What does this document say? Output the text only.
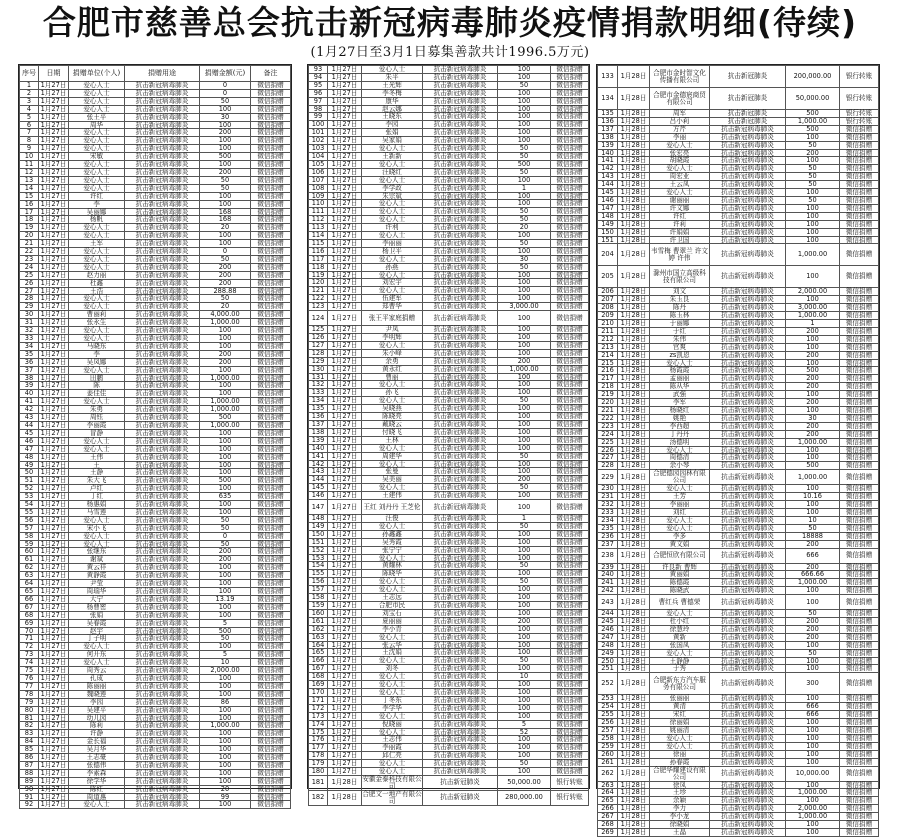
合肥市慈善总会抗击新冠病毒肺炎疫情捐款明细(待续)
(1月27日至3月1日募集善款共计1996.5万元)
序号	日期	捐赠单位(个人)	捐赠用途	捐赠金额(元)	备注
1	1月27日	爱心人士	抗击新冠病毒肺炎	0	微信捐赠
2	1月27日	爱心人士	抗击新冠病毒肺炎	0	微信捐赠
3	1月27日	爱心人士	抗击新冠病毒肺炎	50	微信捐赠
4	1月27日	爱心人士	抗击新冠病毒肺炎	100	微信捐赠
5	1月27日	张王平	抗击新冠病毒肺炎	30	微信捐赠
6	1月27日	周华	抗击新冠病毒肺炎	100	微信捐赠
7	1月27日	爱心人士	抗击新冠病毒肺炎	200	微信捐赠
8	1月27日	爱心人士	抗击新冠病毒肺炎	100	微信捐赠
9	1月27日	爱心人士	抗击新冠病毒肺炎	100	微信捐赠
10	1月27日	宋敏	抗击新冠病毒肺炎	500	微信捐赠
11	1月27日	爱心人士	抗击新冠病毒肺炎	100	微信捐赠
12	1月27日	爱心人士	抗击新冠病毒肺炎	200	微信捐赠
13	1月27日	爱心人士	抗击新冠病毒肺炎	50	微信捐赠
14	1月27日	爱心人士	抗击新冠病毒肺炎	50	微信捐赠
15	1月27日	许红	抗击新冠病毒肺炎	100	微信捐赠
16	1月27日	李	抗击新冠病毒肺炎	100	微信捐赠
17	1月27日	吴丽娜	抗击新冠病毒肺炎	168	微信捐赠
18	1月27日	杨帆	抗击新冠病毒肺炎	168	微信捐赠
19	1月27日	爱心人士	抗击新冠病毒肺炎	20	微信捐赠
20	1月27日	爱心人士	抗击新冠病毒肺炎	100	微信捐赠
21	1月27日	王军	抗击新冠病毒肺炎	100	微信捐赠
22	1月27日	爱心人士	抗击新冠病毒肺炎	0	微信捐赠
23	1月27日	爱心人士	抗击新冠病毒肺炎	50	微信捐赠
24	1月27日	爱心人士	抗击新冠病毒肺炎	200	微信捐赠
25	1月27日	赵力丽	抗击新冠病毒肺炎	200	微信捐赠
26	1月27日	杜鑫	抗击新冠病毒肺炎	200	微信捐赠
27	1月27日	王浩	抗击新冠病毒肺炎	288.88	微信捐赠
28	1月27日	爱心人士	抗击新冠病毒肺炎	50	微信捐赠
29	1月27日	爱心人士	抗击新冠病毒肺炎	20	微信捐赠
30	1月27日	曹丽莉	抗击新冠病毒肺炎	4,000.00	微信捐赠
31	1月27日	张永生	抗击新冠病毒肺炎	1,000.00	微信捐赠
32	1月27日	爱心人士	抗击新冠病毒肺炎	100	微信捐赠
33	1月27日	爱心人士	抗击新冠病毒肺炎	100	微信捐赠
34	1月27日	马晓东	抗击新冠病毒肺炎	100	微信捐赠
35	1月27日	李	抗击新冠病毒肺炎	200	微信捐赠
36	1月27日	吴凤娜	抗击新冠病毒肺炎	200	微信捐赠
37	1月27日	爱心人士	抗击新冠病毒肺炎	100	微信捐赠
38	1月27日	田鹏	抗击新冠病毒肺炎	1,000.00	微信捐赠
39	1月27日	陈	抗击新冠病毒肺炎	100	微信捐赠
40	1月27日	姜佳佳	抗击新冠病毒肺炎	100	微信捐赠
41	1月27日	爱心人士	抗击新冠病毒肺炎	1,000.00	微信捐赠
42	1月27日	朱勇	抗击新冠病毒肺炎	1,000.00	微信捐赠
43	1月27日	周钰	抗击新冠病毒肺炎	500	微信捐赠
44	1月27日	李丽霞	抗击新冠病毒肺炎	1,000.00	微信捐赠
45	1月27日	冒静	抗击新冠病毒肺炎	100	微信捐赠
46	1月27日	爱心人士	抗击新冠病毒肺炎	100	微信捐赠
47	1月27日	爱心人士	抗击新冠病毒肺炎	100	微信捐赠
48	1月27日	王伟	抗击新冠病毒肺炎	100	微信捐赠
49	1月27日	王	抗击新冠病毒肺炎	100	微信捐赠
50	1月27日	王静	抗击新冠病毒肺炎	100	微信捐赠
51	1月27日	朱大飞	抗击新冠病毒肺炎	500	微信捐赠
52	1月27日	卢红	抗击新冠病毒肺炎	100	微信捐赠
53	1月27日	丁红	抗击新冠病毒肺炎	635	微信捐赠
54	1月27日	杨惠娟	抗击新冠病毒肺炎	100	微信捐赠
55	1月27日	马雪莲	抗击新冠病毒肺炎	100	微信捐赠
56	1月27日	爱心人士	抗击新冠病毒肺炎	50	微信捐赠
57	1月27日	宋小飞	抗击新冠病毒肺炎	50	微信捐赠
58	1月27日	爱心人士	抗击新冠病毒肺炎	0	微信捐赠
59	1月27日	爱心人士	抗击新冠病毒肺炎	50	微信捐赠
60	1月27日	张继东	抗击新冠病毒肺炎	200	微信捐赠
61	1月27日	谢斌	抗击新冠病毒肺炎	200	微信捐赠
62	1月27日	黄云祥	抗击新冠病毒肺炎	100	微信捐赠
63	1月27日	黄静霞	抗击新冠病毒肺炎	100	微信捐赠
64	1月27日	尹莹	抗击新冠病毒肺炎	100	微信捐赠
65	1月27日	周瑞华	抗击新冠病毒肺炎	100	微信捐赠
66	1月27日	大宁	抗击新冠病毒肺炎	13.19	微信捐赠
67	1月27日	杨曹密	抗击新冠病毒肺炎	100	微信捐赠
68	1月27日	张娟	抗击新冠病毒肺炎	100	微信捐赠
69	1月27日	吴春霞	抗击新冠病毒肺炎	5	微信捐赠
70	1月27日	赵宇	抗击新冠病毒肺炎	500	微信捐赠
71	1月27日	丁子明	抗击新冠病毒肺炎	50	微信捐赠
72	1月27日	爱心人士	抗击新冠病毒肺炎	100	微信捐赠
73	1月27日	何开东	抗击新冠病毒肺炎	5	微信捐赠
74	1月27日	爱心人士	抗击新冠病毒肺炎	10	微信捐赠
75	1月27日	周秀云	抗击新冠病毒肺炎	2,000.00	微信捐赠
76	1月27日	孔成	抗击新冠病毒肺炎	100	微信捐赠
77	1月27日	陈丽丽	抗击新冠病毒肺炎	100	微信捐赠
78	1月27日	魏晓莲	抗击新冠病毒肺炎	100	微信捐赠
79	1月27日	李园	抗击新冠病毒肺炎	86	微信捐赠
80	1月27日	吴建平	抗击新冠病毒肺炎	100	微信捐赠
81	1月27日	幼儿园	抗击新冠病毒肺炎	100	微信捐赠
82	1月27日	陈莉	抗击新冠病毒肺炎	1,000.00	微信捐赠
83	1月27日	许静	抗击新冠病毒肺炎	100	微信捐赠
84	1月27日	金长福	抗击新冠病毒肺炎	100	微信捐赠
85	1月27日	吴月华	抗击新冠病毒肺炎	100	微信捐赠
86	1月27日	王志豪	抗击新冠病毒肺炎	100	微信捐赠
87	1月27日	张德伟	抗击新冠病毒肺炎	100	微信捐赠
88	1月27日	李素森	抗击新冠病毒肺炎	100	微信捐赠
89	1月27日	徐学华	抗击新冠病毒肺炎	100	微信捐赠
90	1月27日	陈红	抗击新冠病毒肺炎	20	微信捐赠
91	1月27日	周道惠	抗击新冠病毒肺炎	99	微信捐赠
92	1月27日	爱心人士	抗击新冠病毒肺炎	100	微信捐赠
93	1月27日	爱心人士	抗击新冠病毒肺炎	100	微信捐赠
94	1月27日	朱平	抗击新冠病毒肺炎	100	微信捐赠
95	1月27日	王光辉	抗击新冠病毒肺炎	50	微信捐赠
96	1月27日	李冬梅	抗击新冠病毒肺炎	100	微信捐赠
97	1月27日	康华	抗击新冠病毒肺炎	100	微信捐赠
98	1月27日	赵云娜	抗击新冠病毒肺炎	100	微信捐赠
99	1月27日	王晓东	抗击新冠病毒肺炎	100	微信捐赠
100	1月27日	李园	抗击新冠病毒肺炎	100	微信捐赠
101	1月27日	张娟	抗击新冠病毒肺炎	100	微信捐赠
102	1月27日	吴家娟	抗击新冠病毒肺炎	100	微信捐赠
103	1月27日	爱心人士	抗击新冠病毒肺炎	50	微信捐赠
104	1月27日	王新新	抗击新冠病毒肺炎	50	微信捐赠
105	1月27日	爱心人士	抗击新冠病毒肺炎	500	微信捐赠
106	1月27日	汪晓红	抗击新冠病毒肺炎	50	微信捐赠
107	1月27日	爱心人士	抗击新冠病毒肺炎	100	微信捐赠
108	1月27日	李学政	抗击新冠病毒肺炎	1	微信捐赠
109	1月27日	朱宗斌	抗击新冠病毒肺炎	100	微信捐赠
110	1月27日	爱心人士	抗击新冠病毒肺炎	100	微信捐赠
111	1月27日	爱心人士	抗击新冠病毒肺炎	50	微信捐赠
112	1月27日	爱心人士	抗击新冠病毒肺炎	50	微信捐赠
113	1月27日	许利	抗击新冠病毒肺炎	20	微信捐赠
114	1月27日	爱心人士	抗击新冠病毒肺炎	100	微信捐赠
115	1月27日	李丽丽	抗击新冠病毒肺炎	50	微信捐赠
116	1月27日	杨卫平	抗击新冠病毒肺炎	100	微信捐赠
117	1月27日	爱心人士	抗击新冠病毒肺炎	30	微信捐赠
118	1月27日	孙燕	抗击新冠病毒肺炎	50	微信捐赠
119	1月27日	爱心人士	抗击新冠病毒肺炎	100	微信捐赠
120	1月27日	刘宏宇	抗击新冠病毒肺炎	100	微信捐赠
121	1月27日	爱心人士	抗击新冠病毒肺炎	100	微信捐赠
122	1月27日	伍建军	抗击新冠病毒肺炎	100	微信捐赠
123	1月27日	郑曹华	抗击新冠病毒肺炎	3,000.00	微信捐赠
124	1月27日	张王平家庭捐赠	抗击新冠病毒肺炎	100	微信捐赠
125	1月27日	尹凤	抗击新冠病毒肺炎	100	微信捐赠
126	1月27日	李明辉	抗击新冠病毒肺炎	100	微信捐赠
127	1月27日	爱心人士	抗击新冠病毒肺炎	100	微信捐赠
128	1月27日	朱小峰	抗击新冠病毒肺炎	100	微信捐赠
129	1月27日	余勇	抗击新冠病毒肺炎	200	微信捐赠
130	1月27日	黄永红	抗击新冠病毒肺炎	1,000.00	微信捐赠
131	1月27日	曹丽	抗击新冠病毒肺炎	100	微信捐赠
132	1月27日	爱心人士	抗击新冠病毒肺炎	100	微信捐赠
133	1月27日	孙飞	抗击新冠病毒肺炎	100	微信捐赠
134	1月27日	爱心人士	抗击新冠病毒肺炎	50	微信捐赠
135	1月27日	吴晓燕	抗击新冠病毒肺炎	100	微信捐赠
136	1月27日	陈晓亮	抗击新冠病毒肺炎	100	微信捐赠
137	1月27日	戴晓云	抗击新冠病毒肺炎	100	微信捐赠
138	1月27日	付晓飞	抗击新冠病毒肺炎	100	微信捐赠
139	1月27日	王林	抗击新冠病毒肺炎	100	微信捐赠
140	1月27日	爱心人士	抗击新冠病毒肺炎	100	微信捐赠
141	1月27日	周建华	抗击新冠病毒肺炎	50	微信捐赠
142	1月27日	爱心人士	抗击新冠病毒肺炎	100	微信捐赠
143	1月27日	张曼	抗击新冠病毒肺炎	100	微信捐赠
144	1月27日	吴美丽	抗击新冠病毒肺炎	200	微信捐赠
145	1月27日	爱心人士	抗击新冠病毒肺炎	50	微信捐赠
146	1月27日	王建伟	抗击新冠病毒肺炎	100	微信捐赠
147	1月27日	王红 刘丹丹 王芝伦	抗击新冠病毒肺炎	100	微信捐赠
148	1月27日	汪俊	抗击新冠病毒肺炎	1	微信捐赠
149	1月27日	爱心人士	抗击新冠病毒肺炎	50	微信捐赠
150	1月27日	孙鑫鑫	抗击新冠病毒肺炎	100	微信捐赠
151	1月27日	吴秀霞	抗击新冠病毒肺炎	100	微信捐赠
152	1月27日	张宁宁	抗击新冠病毒肺炎	100	微信捐赠
153	1月27日	爱心人士	抗击新冠病毒肺炎	100	微信捐赠
154	1月27日	黄耀林	抗击新冠病毒肺炎	50	微信捐赠
155	1月27日	陈晓华	抗击新冠病毒肺炎	100	微信捐赠
156	1月27日	爱心人士	抗击新冠病毒肺炎	50	微信捐赠
157	1月27日	爱心人士	抗击新冠病毒肺炎	100	微信捐赠
158	1月27日	王志远	抗击新冠病毒肺炎	100	微信捐赠
159	1月27日	合肥市民	抗击新冠病毒肺炎	100	微信捐赠
160	1月27日	刘宝石	抗击新冠病毒肺炎	100	微信捐赠
161	1月27日	夏丽丽	抗击新冠病毒肺炎	200	微信捐赠
162	1月27日	李小青	抗击新冠病毒肺炎	100	微信捐赠
163	1月27日	爱心人士	抗击新冠病毒肺炎	100	微信捐赠
164	1月27日	张云华	抗击新冠病毒肺炎	100	微信捐赠
165	1月27日	王沈娟	抗击新冠病毒肺炎	100	微信捐赠
166	1月27日	爱心人士	抗击新冠病毒肺炎	50	微信捐赠
167	1月27日	刘冬	抗击新冠病毒肺炎	100	微信捐赠
168	1月27日	爱心人士	抗击新冠病毒肺炎	10	微信捐赠
169	1月27日	爱心人士	抗击新冠病毒肺炎	100	微信捐赠
170	1月27日	爱心人士	抗击新冠病毒肺炎	100	微信捐赠
171	1月27日	丁冬东	抗击新冠病毒肺炎	100	微信捐赠
172	1月27日	李学华	抗击新冠病毒肺炎	100	微信捐赠
173	1月27日	爱心人士	抗击新冠病毒肺炎	100	微信捐赠
174	1月27日	倪晓丽	抗击新冠病毒肺炎	5	微信捐赠
175	1月27日	爱心人士	抗击新冠病毒肺炎	52	微信捐赠
176	1月27日	王志伟	抗击新冠病毒肺炎	100	微信捐赠
177	1月27日	李丽霞	抗击新冠病毒肺炎	100	微信捐赠
178	1月27日	邱仁亮	抗击新冠病毒肺炎	100	微信捐赠
179	1月27日	爱心人士	抗击新冠病毒肺炎	50	微信捐赠
180	1月27日	爱心人士	抗击新冠病毒肺炎	100	微信捐赠
181	1月28日	安徽金泰科技有限公司	抗击新冠肺炎	50,000.00	银行转账
182	1月28日	合肥文一地产有限公司	抗击新冠肺炎	280,000.00	银行转账
133	1月28日	合肥市金时智文化传播有限公司	抗击新冠肺炎	200,000.00	银行转账
134	1月28日	合肥市金德宸商贸有限公司	抗击新冠肺炎	50,000.00	银行转账
135	1月28日	周军	抗击新冠肺炎	500	银行转账
136	1月28日	吕小莉	抗击新冠肺炎	1,000.00	银行转账
137	1月28日	方芹	抗击新冠病毒肺炎	500	微信捐赠
138	1月28日	李丽	抗击新冠病毒肺炎	100	微信捐赠
139	1月28日	爱心人士	抗击新冠病毒肺炎	50	微信捐赠
140	1月28日	张宏亮	抗击新冠病毒肺炎	200	微信捐赠
141	1月28日	胡晓霞	抗击新冠病毒肺炎	100	微信捐赠
142	1月28日	爱心人士	抗击新冠病毒肺炎	50	微信捐赠
143	1月28日	周宏亚	抗击新冠病毒肺炎	50	微信捐赠
144	1月28日	王云凤	抗击新冠病毒肺炎	50	微信捐赠
145	1月28日	爱心人士	抗击新冠病毒肺炎	100	微信捐赠
146	1月28日	谢丽丽	抗击新冠病毒肺炎	50	微信捐赠
147	1月28日	许文娜	抗击新冠病毒肺炎	100	微信捐赠
148	1月28日	许红	抗击新冠病毒肺炎	100	微信捐赠
149	1月28日	许莉	抗击新冠病毒肺炎	100	微信捐赠
150	1月28日	许娟娟	抗击新冠病毒肺炎	100	微信捐赠
151	1月28日	许卫国	抗击新冠病毒肺炎	100	微信捐赠
204	1月28日	韦雪梅 曹翠兰 许文婷 许伟	抗击新冠病毒肺炎	1,000.00	微信捐赠
205	1月28日	滁州市国立高级科技有限公司	抗击新冠病毒肺炎	100	微信捐赠
206	1月28日	刘文	抗击新冠病毒肺炎	2,000.00	微信捐赠
207	1月28日	朱玉良	抗击新冠病毒肺炎	100	微信捐赠
208	1月28日	陈丹	抗击新冠病毒肺炎	3,000.00	微信捐赠
209	1月28日	陈玉林	抗击新冠病毒肺炎	1,000.00	微信捐赠
210	1月28日	于丽娜	抗击新冠病毒肺炎	1	微信捐赠
211	1月28日	于红	抗击新冠病毒肺炎	200	微信捐赠
212	1月28日	朱伟	抗击新冠病毒肺炎	100	微信捐赠
213	1月28日	官爽	抗击新冠病毒肺炎	100	微信捐赠
214	1月28日	zs凯恩	抗击新冠病毒肺炎	200	微信捐赠
215	1月28日	爱心人士	抗击新冠病毒肺炎	100	微信捐赠
216	1月28日	杨霞霞	抗击新冠病毒肺炎	500	微信捐赠
217	1月28日	孟丽丽	抗击新冠病毒肺炎	200	微信捐赠
218	1月28日	陈从华	抗击新冠病毒肺炎	200	微信捐赠
219	1月28日	武强	抗击新冠病毒肺炎	100	微信捐赠
220	1月28日	李军	抗击新冠病毒肺炎	200	微信捐赠
221	1月28日	杨晓红	抗击新冠病毒肺炎	100	微信捐赠
222	1月28日	姚艳	抗击新冠病毒肺炎	30	微信捐赠
223	1月28日	李西超	抗击新冠病毒肺炎	200	微信捐赠
224	1月28日	丁丹丹	抗击新冠病毒肺炎	200	微信捐赠
225	1月28日	汤德明	抗击新冠病毒肺炎	1,000.00	微信捐赠
226	1月28日	爱心人士	抗击新冠病毒肺炎	100	微信捐赠
227	1月28日	周德清	抗击新冠病毒肺炎	100	微信捐赠
228	1月28日	余小琴	抗击新冠病毒肺炎	500	微信捐赠
229	1月28日	合肥德园园林有限公司	抗击新冠病毒肺炎	1,000.00	微信捐赠
230	1月28日	爱心人士	抗击新冠病毒肺炎	100	微信捐赠
231	1月28日	王芳	抗击新冠病毒肺炎	10.16	微信捐赠
232	1月28日	李丽丽	抗击新冠病毒肺炎	100	微信捐赠
233	1月28日	刘红	抗击新冠病毒肺炎	100	微信捐赠
234	1月28日	爱心人士	抗击新冠病毒肺炎	10	微信捐赠
235	1月28日	爱心人士	抗击新冠病毒肺炎	50	微信捐赠
236	1月28日	李多	抗击新冠病毒肺炎	18888	微信捐赠
237	1月28日	黄文娟	抗击新冠病毒肺炎	200	微信捐赠
238	1月28日	合肥恒欣有限公司	抗击新冠病毒肺炎	666	微信捐赠
239	1月28日	许良新 曹辉	抗击新冠病毒肺炎	200	微信捐赠
240	1月28日	黄丽娟	抗击新冠病毒肺炎	666.66	微信捐赠
241	1月28日	陈德霞	抗击新冠病毒肺炎	1,000.00	微信捐赠
242	1月28日	陈晓武	抗击新冠病毒肺炎	100	微信捐赠
243	1月28日	曹红兵 曹德荣	抗击新冠病毒肺炎	100	微信捐赠
244	1月28日	爱心人士	抗击新冠病毒肺炎	50	微信捐赠
245	1月28日	杜小红	抗击新冠病毒肺炎	200	微信捐赠
246	1月28日	徐慧玲	抗击新冠病毒肺炎	200	微信捐赠
247	1月28日	黄新	抗击新冠病毒肺炎	200	微信捐赠
248	1月28日	张国凤	抗击新冠病毒肺炎	100	微信捐赠
249	1月28日	爱心人士	抗击新冠病毒肺炎	50	微信捐赠
250	1月28日	王静静	抗击新冠病毒肺炎	100	微信捐赠
251	1月28日	于秀	抗击新冠病毒肺炎	100	微信捐赠
252	1月28日	合肥新东方汽车服务有限公司	抗击新冠病毒肺炎	300	微信捐赠
253	1月28日	张丽丽	抗击新冠病毒肺炎	100	微信捐赠
254	1月28日	黄清	抗击新冠病毒肺炎	666	微信捐赠
255	1月28日	宋红	抗击新冠病毒肺炎	666	微信捐赠
256	1月28日	徐丽娟	抗击新冠病毒肺炎	100	微信捐赠
257	1月28日	姚丽清	抗击新冠病毒肺炎	100	微信捐赠
258	1月28日	爱心人士	抗击新冠病毒肺炎	100	微信捐赠
259	1月28日	爱心人士	抗击新冠病毒肺炎	100	微信捐赠
260	1月28日	徐丽	抗击新冠病毒肺炎	100	微信捐赠
261	1月28日	孙春霞	抗击新冠病毒肺炎	100	微信捐赠
262	1月28日	合肥华耀建设有限公司	抗击新冠病毒肺炎	10,000.00	微信捐赠
263	1月28日	徐凤	抗击新冠病毒肺炎	100	微信捐赠
264	1月28日	王珍	抗击新冠病毒肺炎	1,000.00	微信捐赠
265	1月28日	余颖	抗击新冠病毒肺炎	100	微信捐赠
266	1月28日	李力	抗击新冠病毒肺炎	2,000.00	微信捐赠
267	1月28日	李小龙	抗击新冠病毒肺炎	1,000.00	微信捐赠
268	1月28日	徐晓娟	抗击新冠病毒肺炎	100	微信捐赠
269	1月28日	王晶	抗击新冠病毒肺炎	100	微信捐赠
